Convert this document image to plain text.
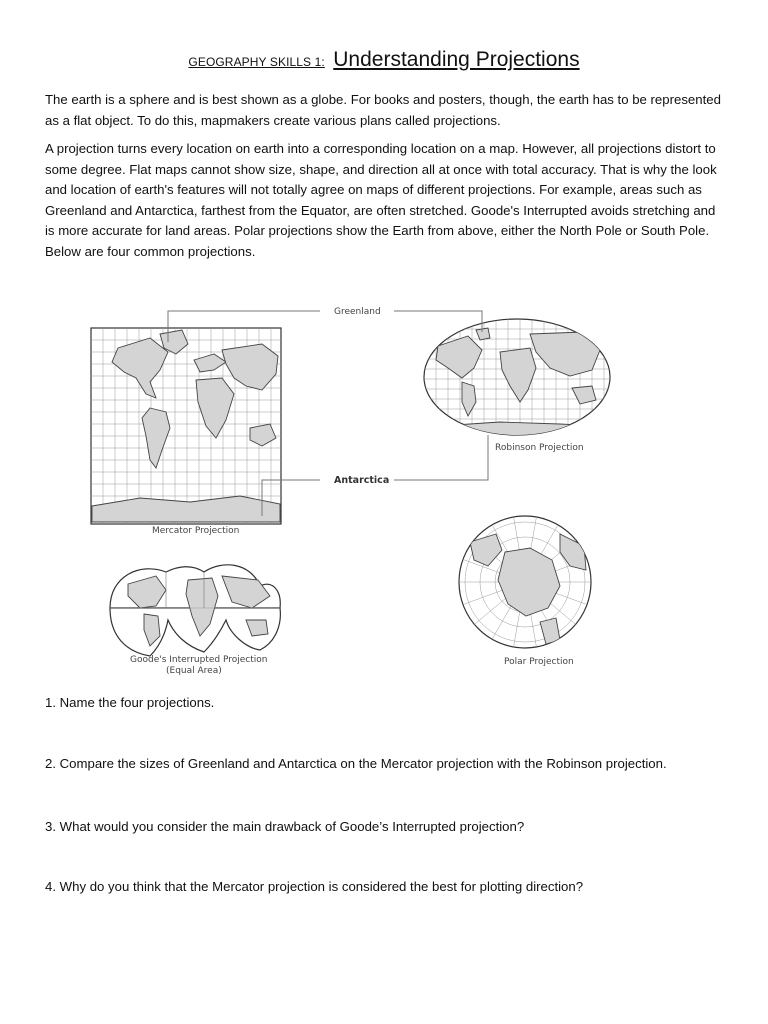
GEOGRAPHY SKILLS 1: Understanding Projections

The earth is a sphere and is best shown as a globe. For books and posters, though, the earth has to be represented as a flat object. To do this, mapmakers create various plans called projections.

A projection turns every location on earth into a corresponding location on a map. However, all projections distort to some degree. Flat maps cannot show size, shape, and direction all at once with total accuracy. That is why the look and location of earth's features will not totally agree on maps of different projections. For example, areas such as Greenland and Antarctica, farthest from the Equator, are often stretched. Goode's Interrupted avoids stretching and is more accurate for land areas. Polar projections show the Earth from above, either the North Pole or South Pole. Below are four common projections.

Mercator Projection
Robinson Projection
Greenland
Antarctica
Polar Projection
Goode's Interrupted Projection
(Equal Area)

1. Name the four projections.

2. Compare the sizes of Greenland and Antarctica on the Mercator projection with the Robinson projection.

3. What would you consider the main drawback of Goode’s Interrupted projection?

4. Why do you think that the Mercator projection is considered the best for plotting direction?
